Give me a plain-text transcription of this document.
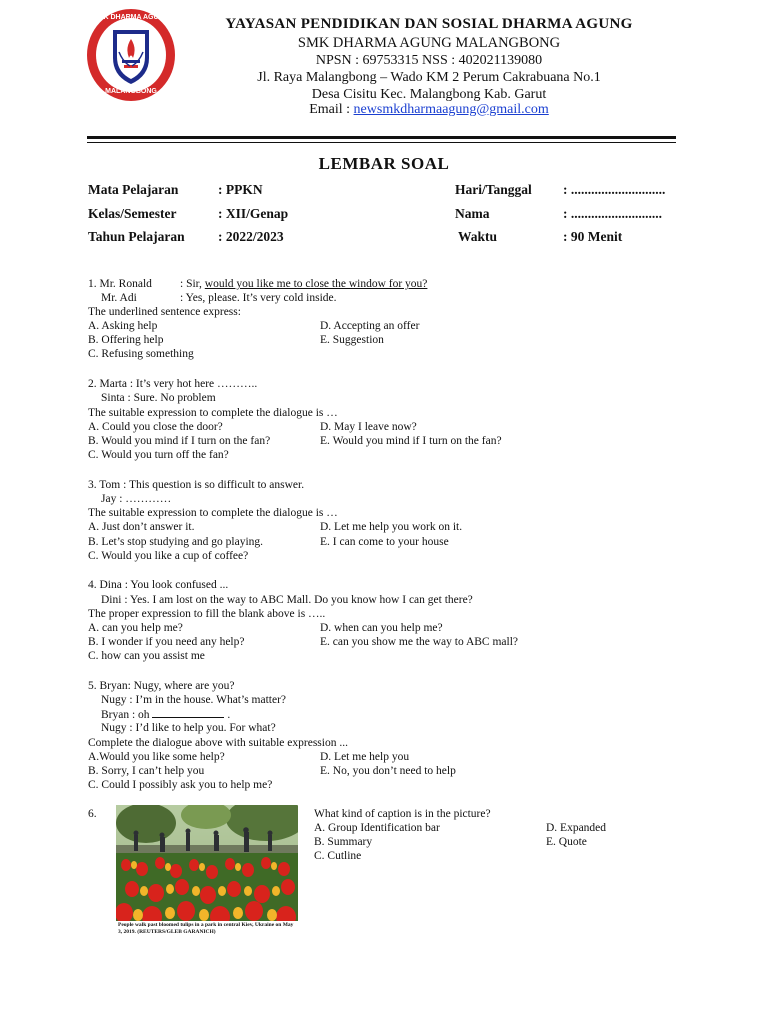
SMK DHARMA AGUNG
MALANGBONG
YAYASAN PENDIDIKAN DAN SOSIAL DHARMA AGUNG
SMK DHARMA AGUNG MALANGBONG
NPSN : 69753315 NSS : 402021139080
Jl. Raya Malangbong – Wado KM 2 Perum Cakrabuana No.1
Desa Cisitu Kec. Malangbong Kab. Garut
Email : newsmkdharmaagung@gmail.com
LEMBAR SOAL
Mata Pelajaran	: PPKN
Kelas/Semester	: XII/Genap
Tahun Pelajaran : 2022/2023
Hari/Tanggal : ............................
Nama	: ...........................
Waktu	: 90 Menit
1. Mr. Ronald : Sir, would you like me to close the window for you?
Mr. Adi	: Yes, please. It’s very cold inside.
The underlined sentence express:
A. Asking help
B. Offering help
C. Refusing something
D. Accepting an offer
E. Suggestion
2. Marta : It’s very hot here ………..
Sinta : Sure. No problem
The suitable expression to complete the dialogue is …
A. Could you close the door?
B. Would you mind if I turn on the fan?
C. Would you turn off the fan?
D. May I leave now?
E. Would you mind if I turn on the fan?
3. Tom : This question is so difficult to answer.
Jay : …………
The suitable expression to complete the dialogue is …
A. Just don’t answer it.
B. Let’s stop studying and go playing.
C. Would you like a cup of coffee?
D. Let me help you work on it.
E. I can come to your house
4. Dina : You look confused ...
Dini : Yes. I am lost on the way to ABC Mall. Do you know how I can get there?
The proper expression to fill the blank above is …..
A. can you help me?
B. I wonder if you need any help?
C. how can you assist me
D. when can you help me?
E. can you show me the way to ABC mall?
5. Bryan: Nugy, where are you?
Nugy : I’m in the house. What’s matter?
Bryan : oh	.
Nugy : I’d like to help you. For what?
Complete the dialogue above with suitable expression ...
A.Would you like some help?
B. Sorry, I can’t help you
C. Could I possibly ask you to help me?
D. Let me help you
E. No, you don’t need to help
6.
People walk past bloomed tulips in a park in central Kiev, Ukraine on May 3, 2019. (REUTERS/GLEB GARANICH)
What kind of caption is in the picture?
A. Group Identification bar
B. Summary
C. Cutline
D. Expanded
E. Quote
